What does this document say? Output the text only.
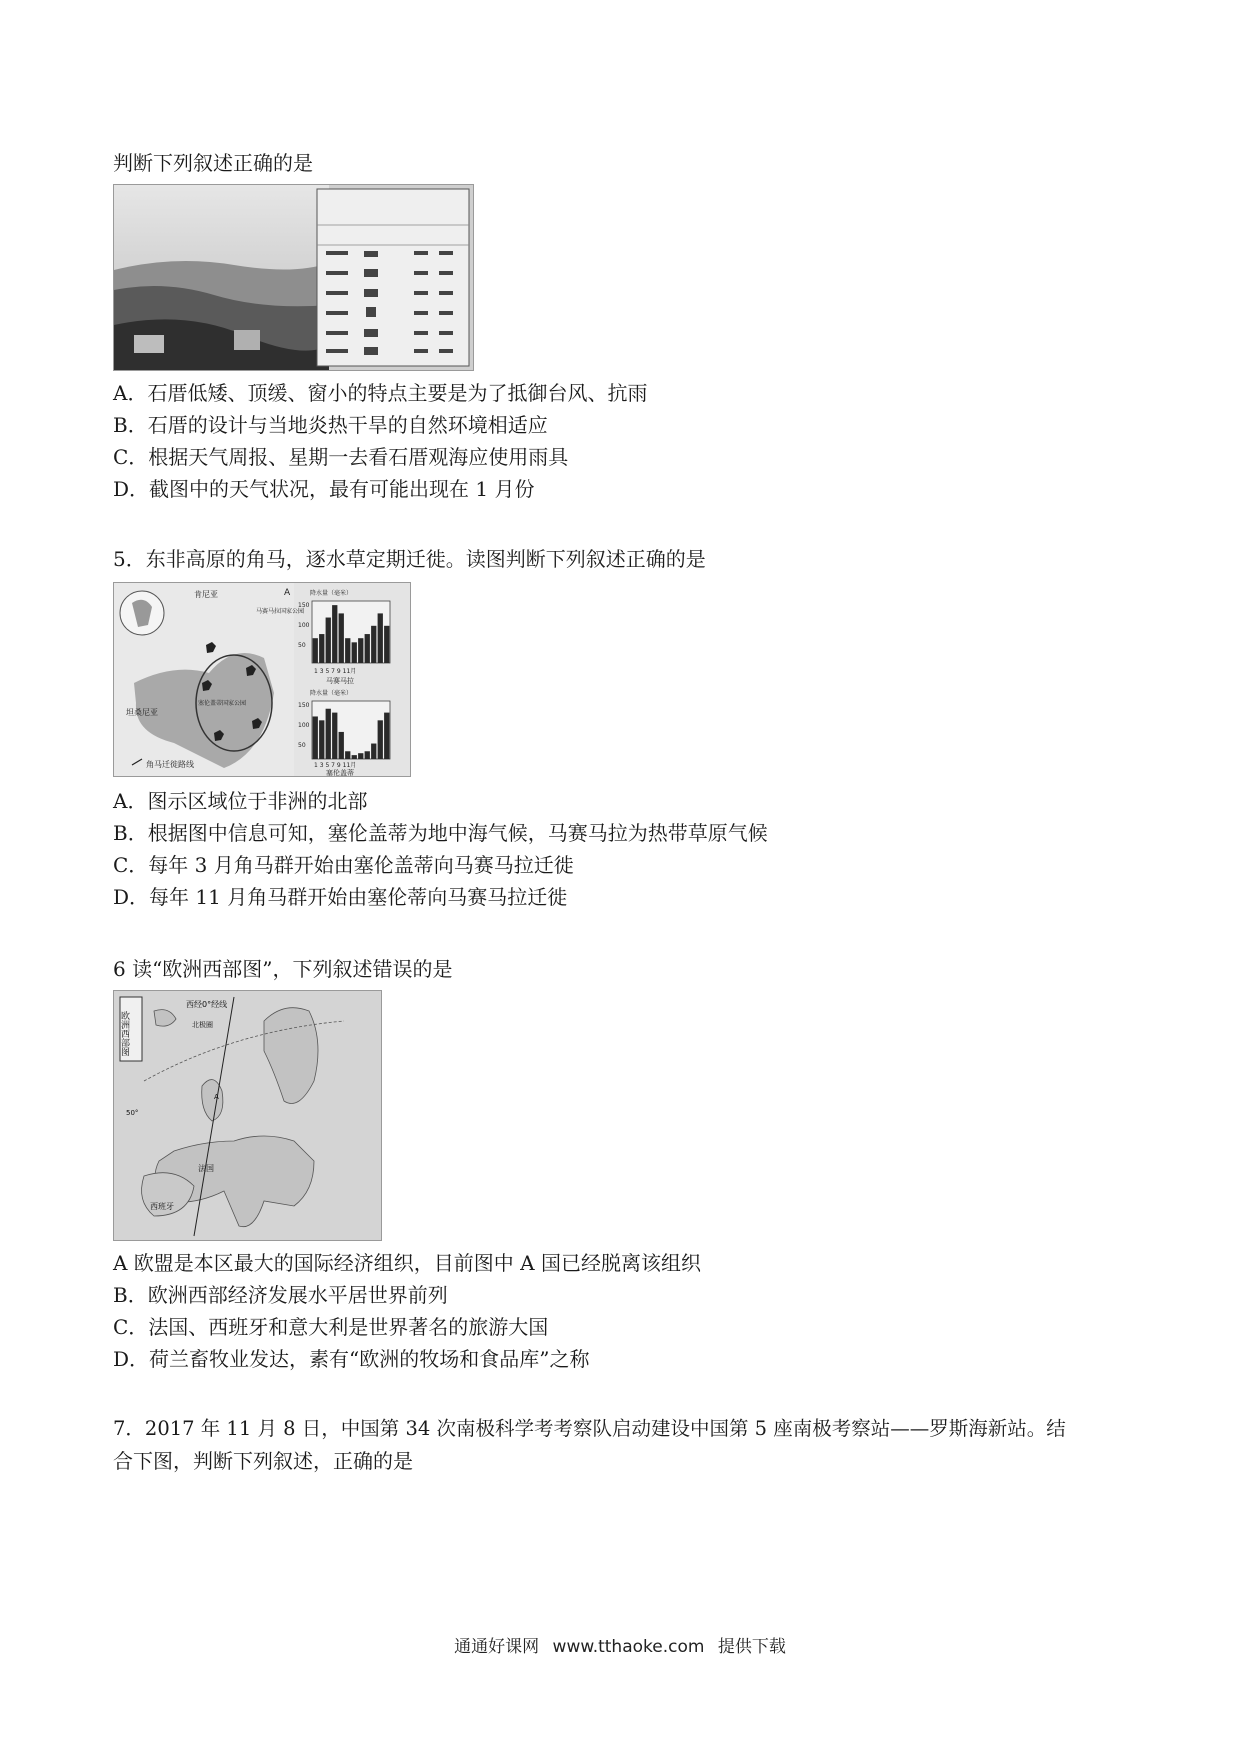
判断下列叙述正确的是
A．石厝低矮、顶缓、窗小的特点主要是为了抵御台风、抗雨
B．石厝的设计与当地炎热干旱的自然环境相适应
C．根据天气周报、星期一去看石厝观海应使用雨具
D．截图中的天气状况，最有可能出现在 1 月份
5．东非高原的角马，逐水草定期迁徙。读图判断下列叙述正确的是
肯尼亚
马赛马拉国家公园
坦桑尼亚
塞伦盖蒂国家公园
角马迁徙路线
A	降水量（毫米）
150
100
50
1 3 5 7 9 11月
马赛马拉
降水量（毫米）
150
100
50
1 3 5 7 9 11月
塞伦盖蒂
A．图示区域位于非洲的北部
B．根据图中信息可知，塞伦盖蒂为地中海气候，马赛马拉为热带草原气候
C．每年 3 月角马群开始由塞伦盖蒂向马赛马拉迁徙
D．每年 11 月角马群开始由塞伦蒂向马赛马拉迁徙
6 读“欧洲西部图”，下列叙述错误的是
欧洲西部图
西经0°经线
北极圈
50°
A
法国
西班牙
A 欧盟是本区最大的国际经济组织，目前图中 A 国已经脱离该组织
B．欧洲西部经济发展水平居世界前列
C．法国、西班牙和意大利是世界著名的旅游大国
D．荷兰畜牧业发达，素有“欧洲的牧场和食品库”之称
7．2017 年 11 月 8 日，中国第 34 次南极科学考考察队启动建设中国第 5 座南极考察站——罗斯海新站。结
合下图，判断下列叙述，正确的是
通通好课网 www.tthaoke.com 提供下载
